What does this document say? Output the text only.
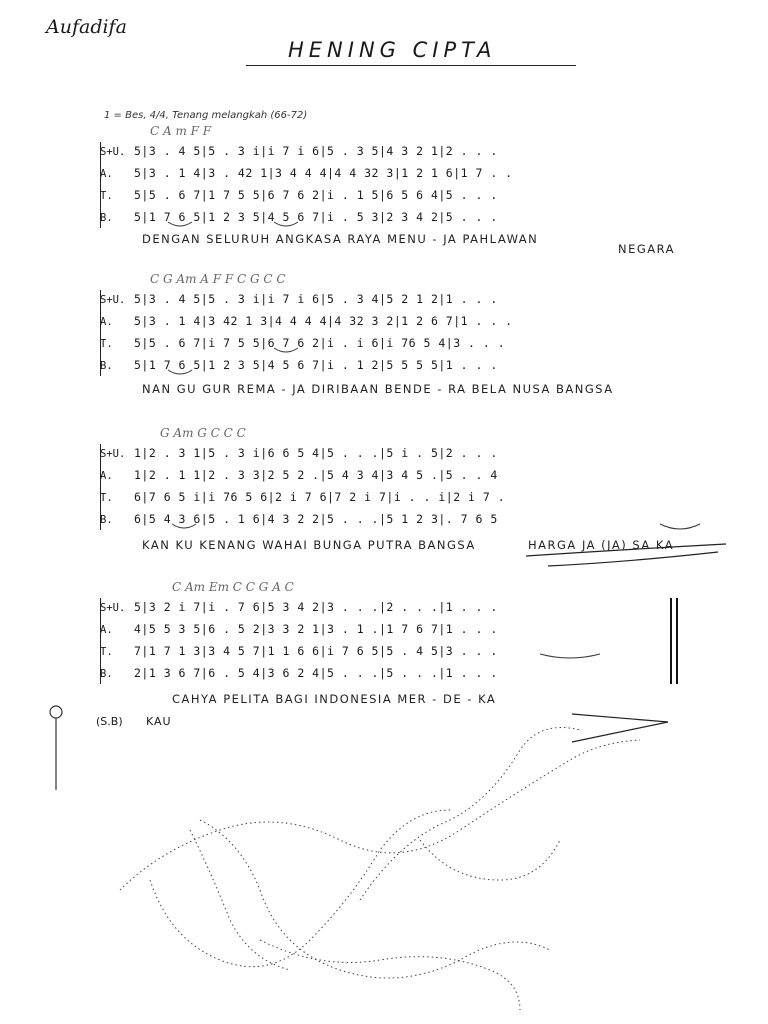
Aufadifa
HENING CIPTA
1 = Bes, 4/4, Tenang melangkah (66-72)
C A m F F
S+U. 5|3 . 4 5|5 . 3 i|i 7 i 6|5 . 3 5|4 3 2 1|2 . . .
A. 5|3 . 1 4|3 . 42 1|3 4 4 4|4 4 32 3|1 2 1 6|1 7 . .
T. 5|5 . 6 7|1 7 5 5|6 7 6 2|i . 1 5|6 5 6 4|5 . . .
B. 5|1 7 6 5|1 2 3 5|4 5 6 7|i . 5 3|2 3 4 2|5 . . .
DENGAN SELURUH ANGKASA RAYA MENU - JA PAHLAWAN
NEGARA
C G Am A F F C G C C
S+U. 5|3 . 4 5|5 . 3 i|i 7 i 6|5 . 3 4|5 2 1 2|1 . . .
A. 5|3 . 1 4|3 42 1 3|4 4 4 4|4 32 3 2|1 2 6 7|1 . . .
T. 5|5 . 6 7|i 7 5 5|6 7 6 2|i . i 6|i 76 5 4|3 . . .
B. 5|1 7 6 5|1 2 3 5|4 5 6 7|i . 1 2|5 5 5 5|1 . . .
NAN GU GUR REMA - JA DIRIBAAN BENDE - RA BELA NUSA BANGSA
G Am G C C C
S+U. 1|2 . 3 1|5 . 3 i|6 6 5 4|5 . . .|5 i . 5|2 . . .
A. 1|2 . 1 1|2 . 3 3|2 5 2 .|5 4 3 4|3 4 5 .|5 . . 4
T. 6|7 6 5 i|i 76 5 6|2 i 7 6|7 2 i 7|i . . i|2 i 7 .
B. 6|5 4 3 6|5 . 1 6|4 3 2 2|5 . . .|5 1 2 3|. 7 6 5
KAN KU KENANG WAHAI BUNGA PUTRA BANGSA	HARGA JA (JA) SA KA
C Am Em C C G A C
S+U. 5|3 2 i 7|i . 7 6|5 3 4 2|3 . . .|2 . . .|1 . . .
A. 4|5 5 3 5|6 . 5 2|3 3 2 1|3 . 1 .|1 7 6 7|1 . . .
T. 7|1 7 1 3|3 4 5 7|1 1 6 6|i 7 6 5|5 . 4 5|3 . . .
B. 2|1 3 6 7|6 . 5 4|3 6 2 4|5 . . .|5 . . .|1 . . .
CAHYA PELITA BAGI INDONESIA MER - DE - KA
(S.B) KAU
